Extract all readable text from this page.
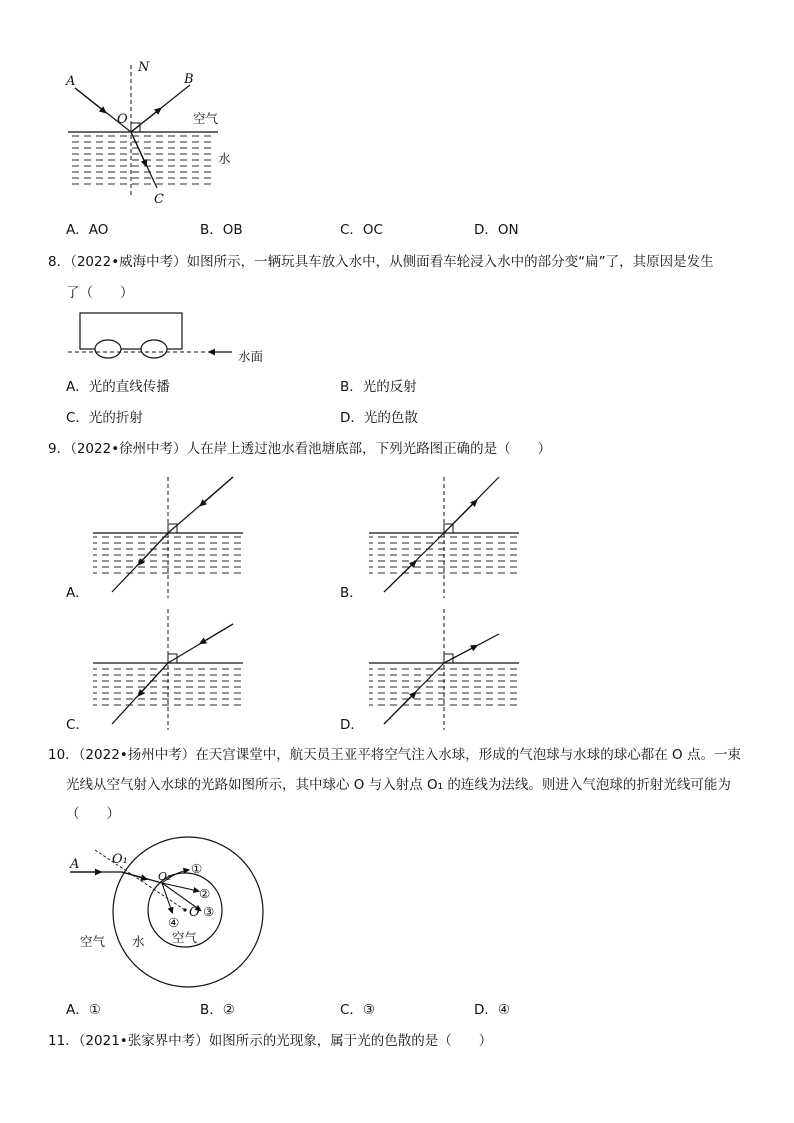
A
N
B
O
C
空气
水
A．AO	B．OB	C．OC	D．ON
8．（2022•威海中考）如图所示，一辆玩具车放入水中，从侧面看车轮浸入水中的部分变“扁”了，其原因是发生
了（　　）
水面
A．光的直线传播	B．光的反射
C．光的折射	D．光的色散
9．（2022•徐州中考）人在岸上透过池水看池塘底部，下列光路图正确的是（　　）
A．	B．
C．	D．
10．（2022•扬州中考）在天宫课堂中，航天员王亚平将空气注入水球，形成的气泡球与水球的球心都在 O 点。一束
光线从空气射入水球的光路如图所示，其中球心 O 与入射点 O₁ 的连线为法线。则进入气泡球的折射光线可能为
（　　）
A	O₁
O₂
O
①
②
③
④
空气 水 空气
A．①	B．②	C．③	D．④
11．（2021•张家界中考）如图所示的光现象，属于光的色散的是（　　）
